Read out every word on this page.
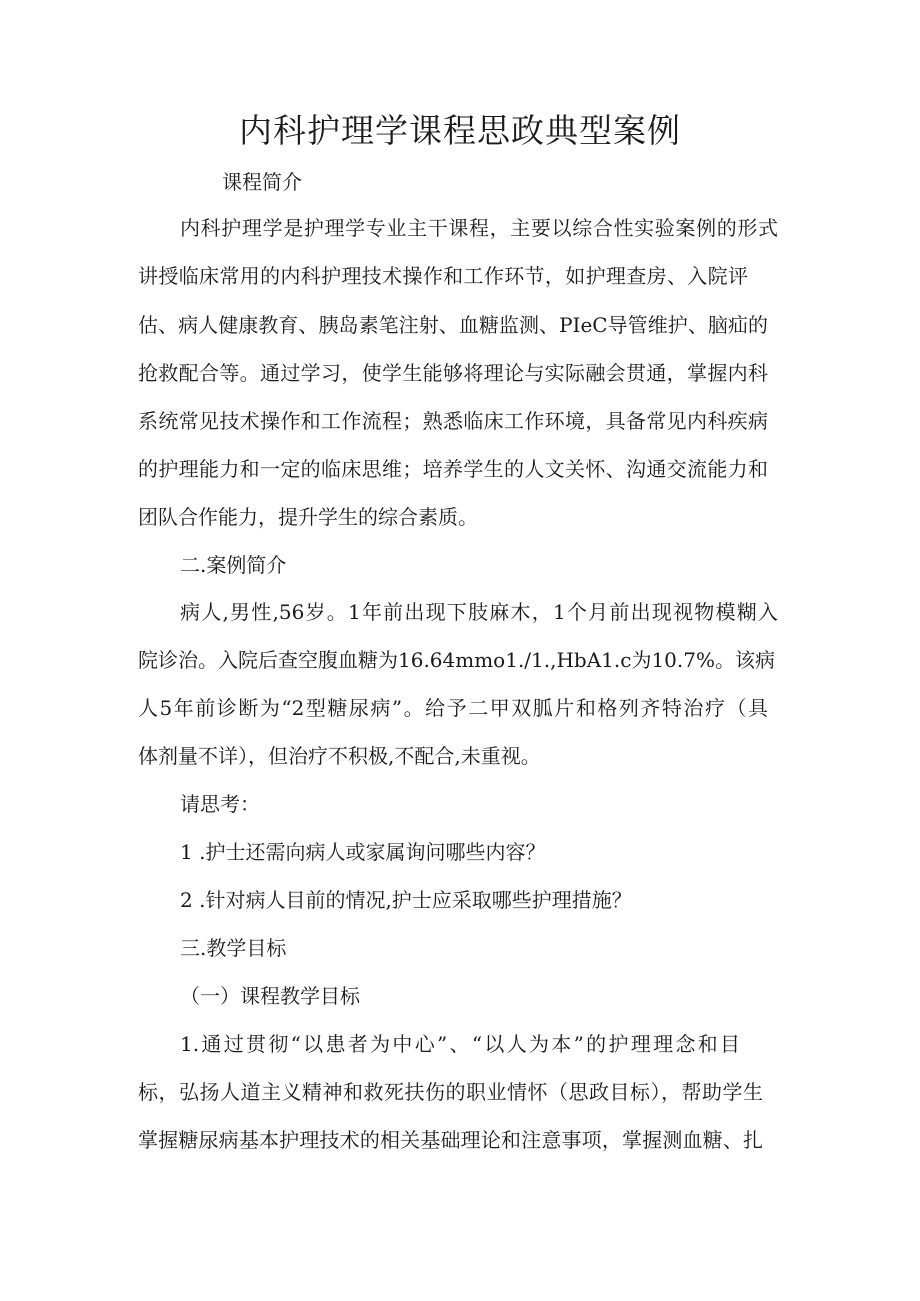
内科护理学课程思政典型案例
课程简介
内科护理学是护理学专业主干课程，主要以综合性实验案例的形式
讲授临床常用的内科护理技术操作和工作环节，如护理查房、入院评
估、病人健康教育、胰岛素笔注射、血糖监测、PIeC导管维护、脑疝的
抢救配合等。通过学习，使学生能够将理论与实际融会贯通，掌握内科
系统常见技术操作和工作流程；熟悉临床工作环境，具备常见内科疾病
的护理能力和一定的临床思维；培养学生的人文关怀、沟通交流能力和
团队合作能力，提升学生的综合素质。
二.案例简介
病人,男性,56岁。1年前出现下肢麻木，1个月前出现视物模糊入
院诊治。入院后查空腹血糖为16.64mmo1./1.,HbA1.c为10.7%。该病
人5年前诊断为“2型糖尿病”。给予二甲双胍片和格列齐特治疗（具
体剂量不详），但治疗不积极,不配合,未重视。
请思考：
1 .护士还需向病人或家属询问哪些内容？
2 .针对病人目前的情况,护士应采取哪些护理措施？
三.教学目标
（一）课程教学目标
1.通过贯彻“以患者为中心”、“以人为本”的护理理念和目
标，弘扬人道主义精神和救死扶伤的职业情怀（思政目标），帮助学生
掌握糖尿病基本护理技术的相关基础理论和注意事项，掌握测血糖、扎
